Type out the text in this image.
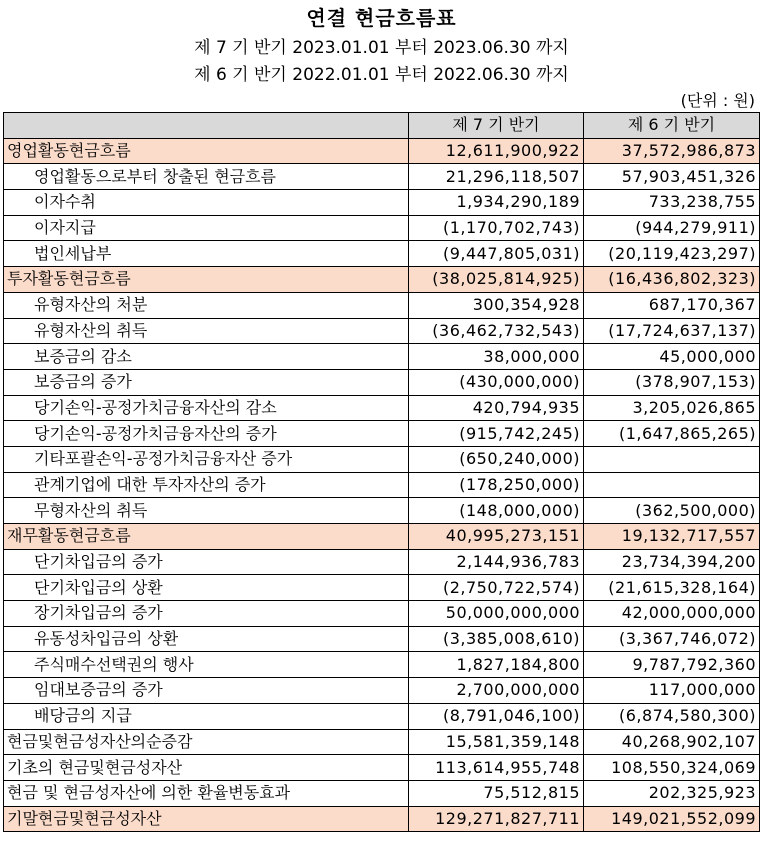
연결 현금흐름표
제 7 기 반기 2023.01.01 부터 2023.06.30 까지
제 6 기 반기 2022.01.01 부터 2022.06.30 까지
(단위 : 원)
	제 7 기 반기	제 6 기 반기
영업활동현금흐름	12,611,900,922	37,572,986,873
영업활동으로부터 창출된 현금흐름	21,296,118,507	57,903,451,326
이자수취	1,934,290,189	733,238,755
이자지급	(1,170,702,743)	(944,279,911)
법인세납부	(9,447,805,031)	(20,119,423,297)
투자활동현금흐름	(38,025,814,925)	(16,436,802,323)
유형자산의 처분	300,354,928	687,170,367
유형자산의 취득	(36,462,732,543)	(17,724,637,137)
보증금의 감소	38,000,000	45,000,000
보증금의 증가	(430,000,000)	(378,907,153)
당기손익-공정가치금융자산의 감소	420,794,935	3,205,026,865
당기손익-공정가치금융자산의 증가	(915,742,245)	(1,647,865,265)
기타포괄손익-공정가치금융자산 증가	(650,240,000)	
관계기업에 대한 투자자산의 증가	(178,250,000)	
무형자산의 취득	(148,000,000)	(362,500,000)
재무활동현금흐름	40,995,273,151	19,132,717,557
단기차입금의 증가	2,144,936,783	23,734,394,200
단기차입금의 상환	(2,750,722,574)	(21,615,328,164)
장기차입금의 증가	50,000,000,000	42,000,000,000
유동성차입금의 상환	(3,385,008,610)	(3,367,746,072)
주식매수선택권의 행사	1,827,184,800	9,787,792,360
임대보증금의 증가	2,700,000,000	117,000,000
배당금의 지급	(8,791,046,100)	(6,874,580,300)
현금및현금성자산의순증감	15,581,359,148	40,268,902,107
기초의 현금및현금성자산	113,614,955,748	108,550,324,069
현금 및 현금성자산에 의한 환율변동효과	75,512,815	202,325,923
기말현금및현금성자산	129,271,827,711	149,021,552,099
